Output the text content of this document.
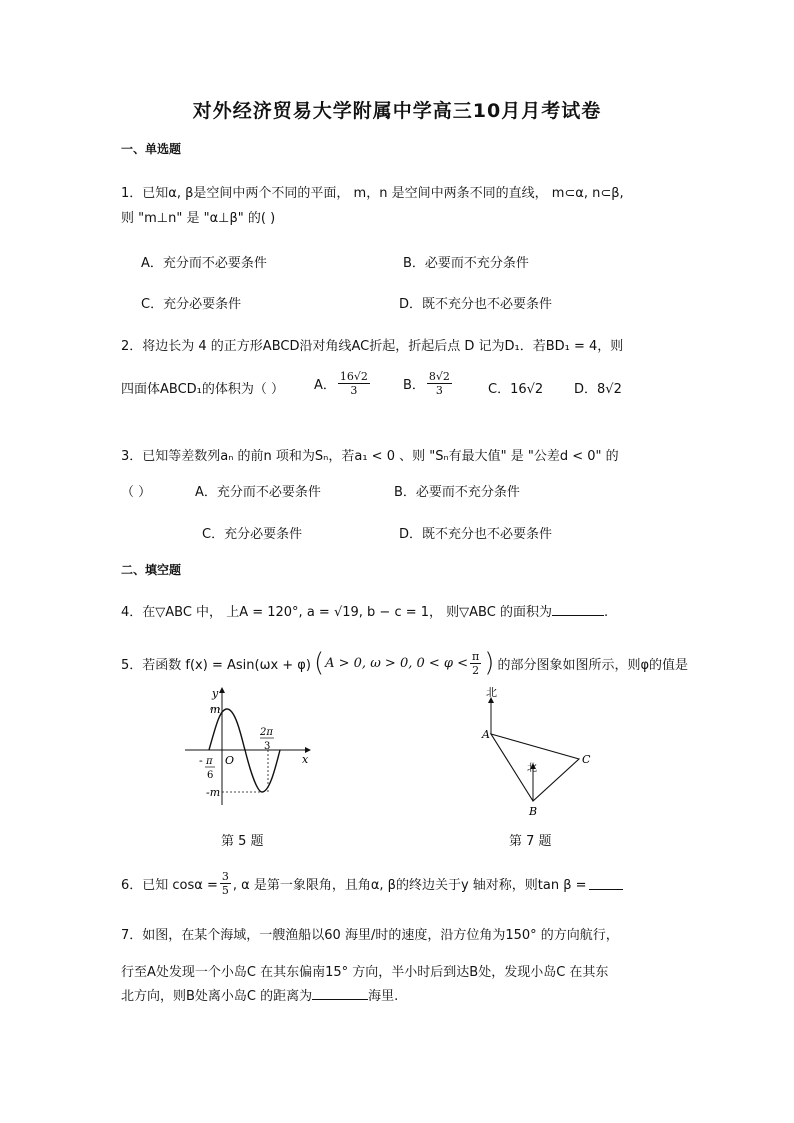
对外经济贸易大学附属中学高三10月月考试卷
一、单选题
1．已知α, β是空间中两个不同的平面， m，n 是空间中两条不同的直线， m⊂α, n⊂β,
则 "m⊥n" 是 "α⊥β" 的( )
A．充分而不必要条件	B．必要而不充分条件
C．充分必要条件	D．既不充分也不必要条件
2．将边长为 4 的正方形ABCD沿对角线AC折起，折起后点 D 记为D₁．若BD₁ = 4，则
四面体ABCD₁的体积为（ ） A． $\frac{16√2}{3}$	B． $\frac{8√2}{3}$	C．16√2 D．8√2
3．已知等差数列aₙ 的前n 项和为Sₙ，若a₁ < 0 、则 "Sₙ有最大值" 是 "公差d < 0" 的
（ ）	A．充分而不必要条件	B．必要而不充分条件
C．充分必要条件	D．既不充分也不必要条件
二、填空题
4．在▽ABC 中， 上A = 120°, a = √19, b − c = 1， 则▽ABC 的面积为	.
5．若函数 f(x) = Asin(ωx + φ) ( A > 0, ω > 0, $0 < \varphi < \frac{\pi}{2}$ ) 的部分图象如图所示，则φ的值是
y
x
O
m
-m
- π
6
2π
3
第 5 题
北
北
A
C
B
第 7 题
6．已知 $\cos\alpha = \frac{3}{5}$ , α 是第一象限角，且角α, β的终边关于y 轴对称，则tan β =
7．如图，在某个海域，一艘渔船以60 海里/时的速度，沿方位角为150° 的方向航行，
行至A处发现一个小岛C 在其东偏南15° 方向，半小时后到达B处，发现小岛C 在其东
北方向，则B处离小岛C 的距离为	海里.
